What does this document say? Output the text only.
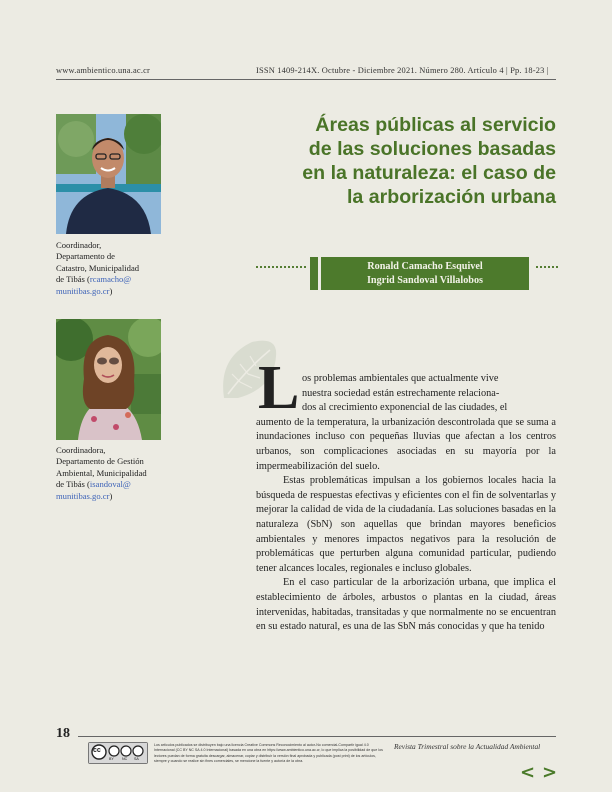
www.ambientico.una.ac.cr	ISSN 1409-214X. Octubre - Diciembre 2021. Número 280. Artículo 4 | Pp. 18-23 |
Áreas públicas al servicio
de las soluciones basadas
en la naturaleza: el caso de
la arborización urbana
Coordinador,
Departamento de
Catastro, Municipalidad
de Tibás (rcamacho@
munitibas.go.cr)
Coordinadora,
Departamento de Gestión
Ambiental, Municipalidad
de Tibás (isandoval@
munitibas.go.cr)
Ronald Camacho Esquivel
Ingrid Sandoval Villalobos
L os problemas ambientales que actualmente vive
nuestra sociedad están estrechamente relaciona-
dos al crecimiento exponencial de las ciudades, el

aumento de la temperatura, la urbanización descontrolada que se suma a inundaciones incluso con pequeñas lluvias que afectan a los centros urbanos, son complicaciones asociadas en su mayoría por la impermeabilización del suelo.

Estas problemáticas impulsan a los gobiernos locales hacia la búsqueda de respuestas efectivas y eficientes con el fin de solventarlas y mejorar la calidad de vida de la ciudadanía. Las soluciones basadas en la naturaleza (SbN) son aquellas que brindan mayores beneficios ambientales y menores impactos negativos para la resolución de problemáticas que perturben alguna comunidad particular, pudiendo tener alcances locales, regionales e incluso globales.

En el caso particular de la arborización urbana, que implica el establecimiento de árboles, arbustos o plantas en la ciudad, áreas intervenidas, habitadas, transitadas y que normalmente no se encuentran en su estado natural, es una de las SbN más conocidas y que ha tenido

18
cc
BY NC SA
Los artículos publicados se distribuyen bajo una licencia Creative Commons Reconocimiento al autor-No comercial-Compartir igual 4.0 Internacional (CC BY NC SA 4.0 Internacional) basada en una obra en https://www.ambientico.una.ac.cr, lo que implica la posibilidad de que los lectores puedan de forma gratuita descargar, almacenar, copiar y distribuir la versión final aprobada y publicada (post print) de los artículos, siempre y cuando se realice sin fines comerciales, se mencione la fuente y autoría de la obra.
Revista Trimestral sobre la Actualidad Ambiental
< >
